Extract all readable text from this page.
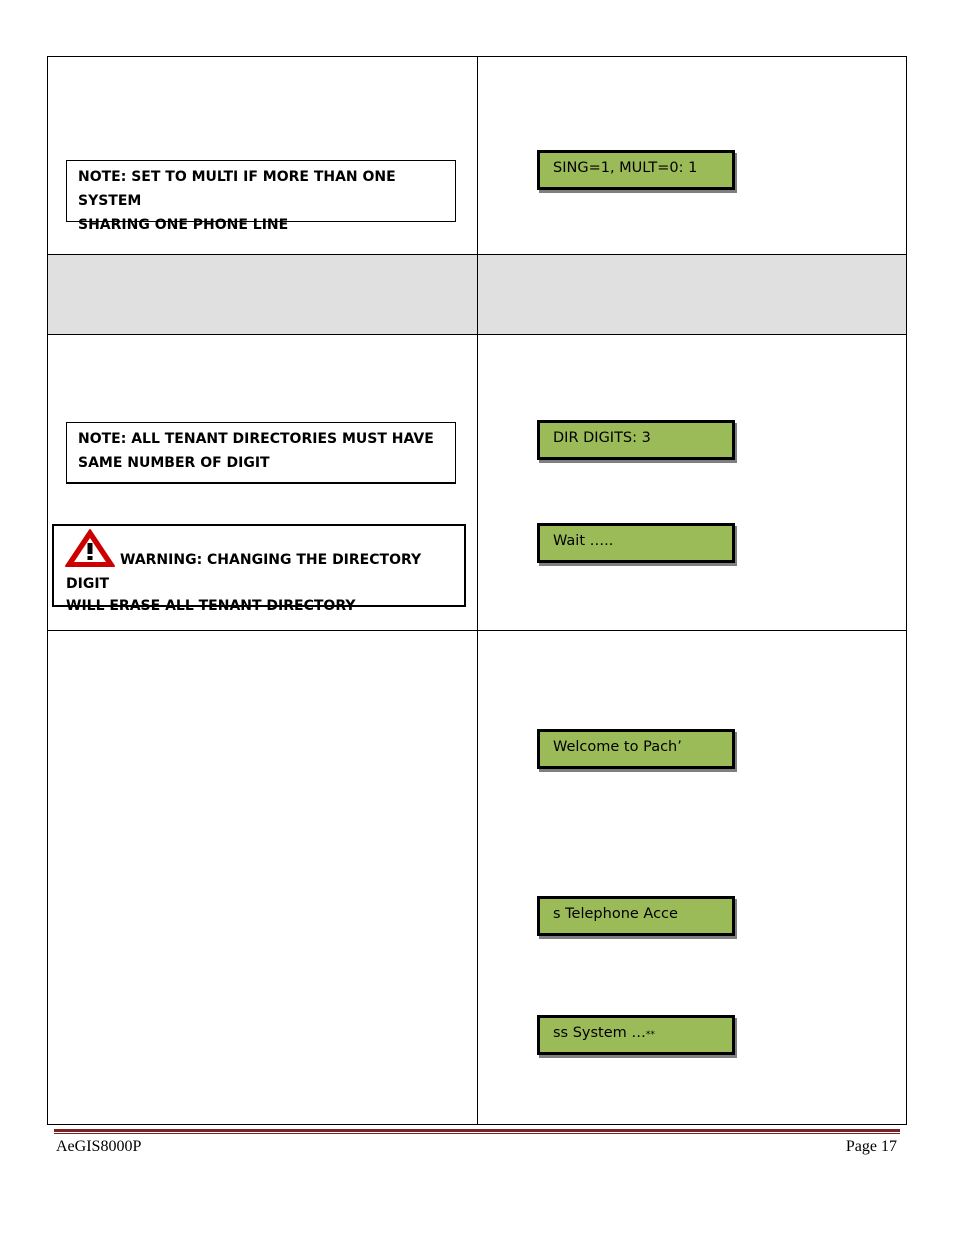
NOTE: SET TO MULTI IF MORE THAN ONE SYSTEM
SHARING ONE PHONE LINE
SING=1, MULT=0: 1
NOTE: ALL TENANT DIRECTORIES MUST HAVE
SAME NUMBER OF DIGIT
WARNING: CHANGING THE DIRECTORY DIGIT
WILL ERASE ALL TENANT DIRECTORY
DIR DIGITS: 3
Wait …..
Welcome to Pach’
s Telephone Acce
ss System …**
AeGIS8000P	Page 17
